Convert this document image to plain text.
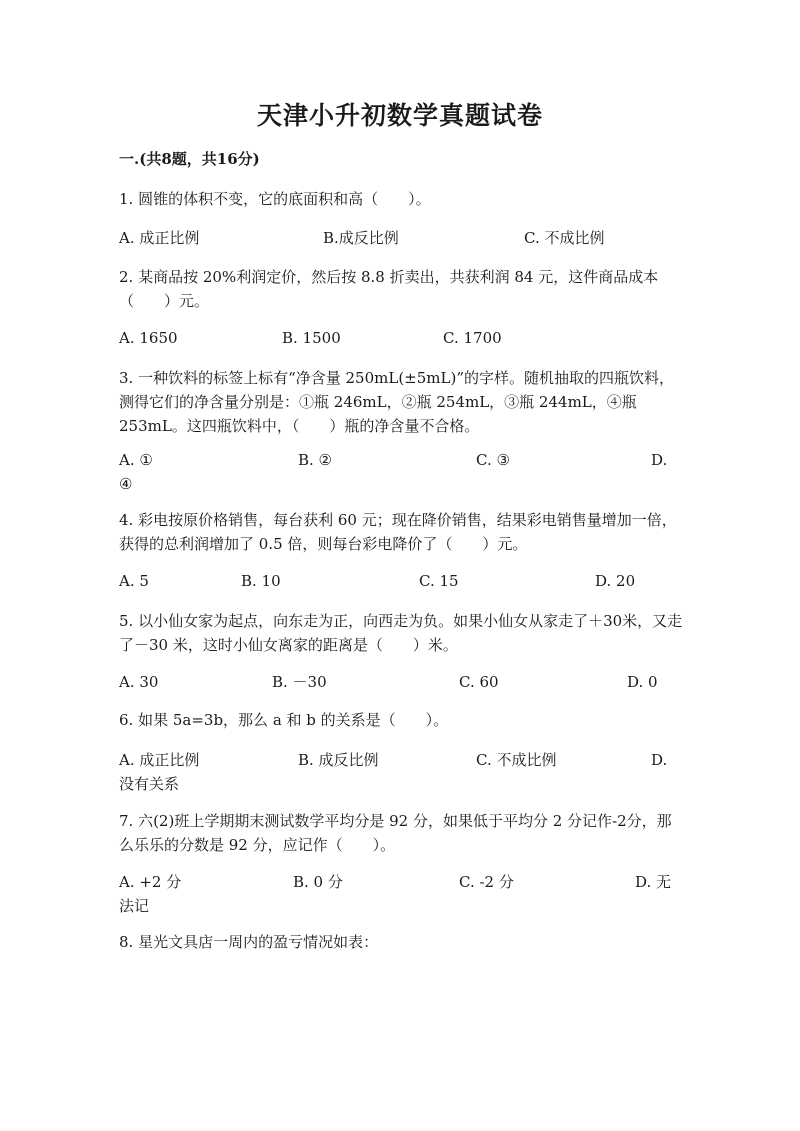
天津小升初数学真题试卷
一.(共8题，共16分)

1. 圆锥的体积不变，它的底面积和高（　　）。

A. 成正比例	B.成反比例	C. 不成比例

2. 某商品按 20%利润定价，然后按 8.8 折卖出，共获利润 84 元，这件商品成本（　　）元。

A. 1650	B. 1500	C. 1700

3. 一种饮料的标签上标有“净含量 250mL(±5mL)”的字样。随机抽取的四瓶饮料，测得它们的净含量分别是：①瓶 246mL，②瓶 254mL，③瓶 244mL，④瓶 253mL。这四瓶饮料中，（　　）瓶的净含量不合格。

A. ①	B. ②	C. ③	D. ④

4. 彩电按原价格销售，每台获利 60 元；现在降价销售，结果彩电销售量增加一倍，获得的总利润增加了 0.5 倍，则每台彩电降价了（　　）元。

A. 5	B. 10	C. 15	D. 20

5. 以小仙女家为起点，向东走为正，向西走为负。如果小仙女从家走了＋30米，又走了－30 米，这时小仙女离家的距离是（　　）米。

A. 30	B. －30	C. 60	D. 0

6. 如果 5a=3b，那么 a 和 b 的关系是（　　）。

A. 成正比例	B. 成反比例	C. 不成比例	D. 没有关系

7. 六(2)班上学期期末测试数学平均分是 92 分，如果低于平均分 2 分记作-2分，那么乐乐的分数是 92 分，应记作（　　）。

A. +2 分	B. 0 分	C. -2 分	D. 无法记

8. 星光文具店一周内的盈亏情况如表：
